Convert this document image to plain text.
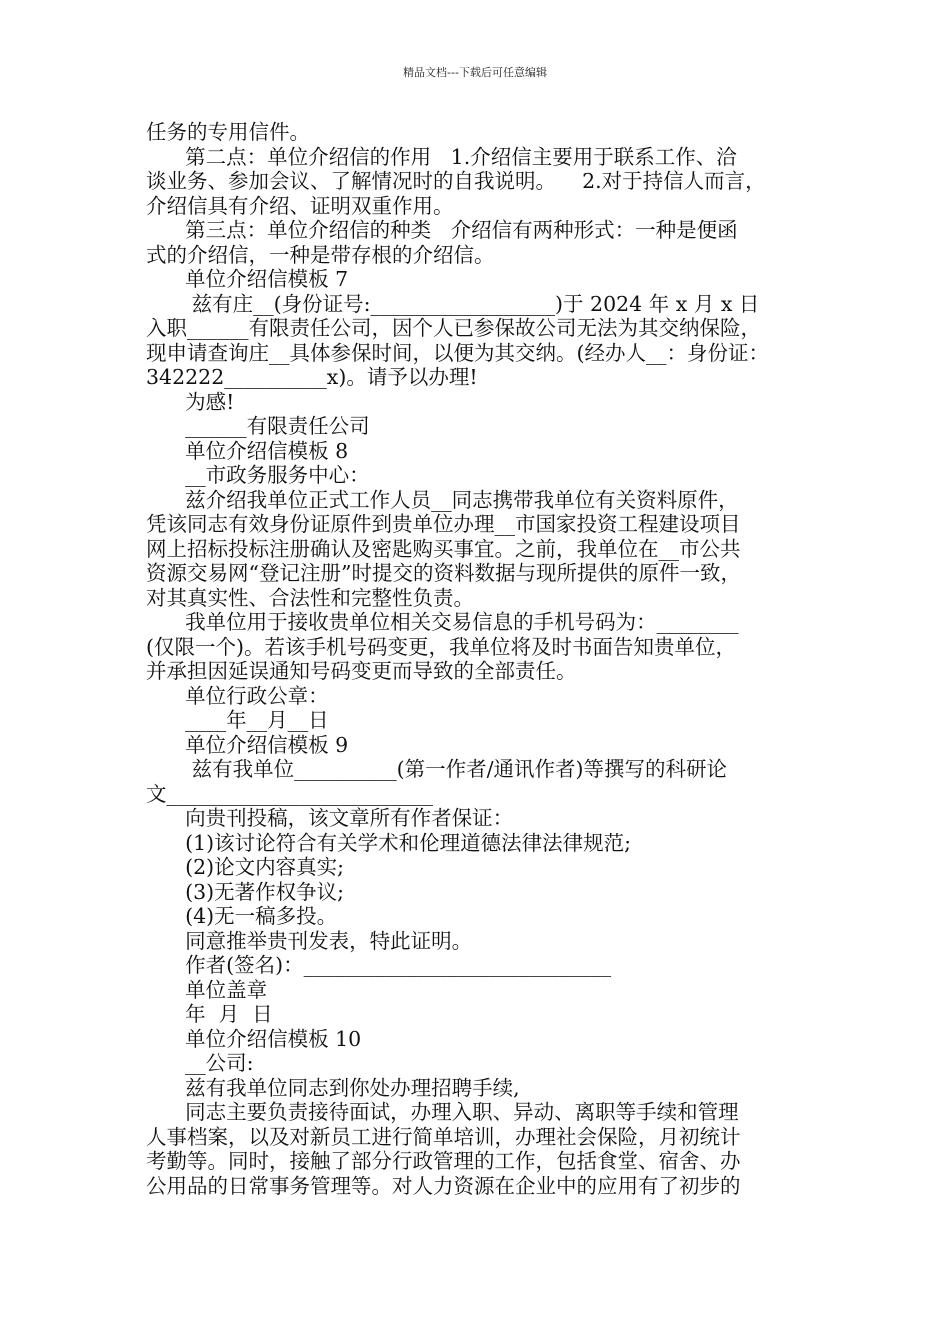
精品文档---下载后可任意编辑
任务的专用信件。
第二点：单位介绍信的作用   1.介绍信主要用于联系工作、洽
谈业务、参加会议、了解情况时的自我说明。    2.对于持信人而言，
介绍信具有介绍、证明双重作用。
第三点：单位介绍信的种类   介绍信有两种形式：一种是便函
式的介绍信，一种是带存根的介绍信。
单位介绍信模板 7
兹有庄__(身份证号:__________________)于 2024 年 x 月 x 日
入职______有限责任公司，因个人已参保故公司无法为其交纳保险，
现申请查询庄__具体参保时间，以便为其交纳。(经办人__：身份证：
342222__________x)。请予以办理!
为感!
______有限责任公司
单位介绍信模板 8
__市政务服务中心：
兹介绍我单位正式工作人员__同志携带我单位有关资料原件，
凭该同志有效身份证原件到贵单位办理__市国家投资工程建设项目
网上招标投标注册确认及密匙购买事宜。之前，我单位在__市公共
资源交易网“登记注册”时提交的资料数据与现所提供的原件一致，
对其真实性、合法性和完整性负责。
我单位用于接收贵单位相关交易信息的手机号码为：________
(仅限一个)。若该手机号码变更，我单位将及时书面告知贵单位，
并承担因延误通知号码变更而导致的全部责任。
单位行政公章：
____年__月__日
单位介绍信模板 9
兹有我单位__________(第一作者/通讯作者)等撰写的科研论
文__________________________
向贵刊投稿，该文章所有作者保证：
(1)该讨论符合有关学术和伦理道德法律法律规范;
(2)论文内容真实;
(3)无著作权争议;
(4)无一稿多投。
同意推举贵刊发表，特此证明。
作者(签名)：______________________________
单位盖章
年  月  日
单位介绍信模板 10
__公司:
兹有我单位同志到你处办理招聘手续,
同志主要负责接待面试，办理入职、异动、离职等手续和管理
人事档案，以及对新员工进行简单培训，办理社会保险，月初统计
考勤等。同时，接触了部分行政管理的工作，包括食堂、宿舍、办
公用品的日常事务管理等。对人力资源在企业中的应用有了初步的
